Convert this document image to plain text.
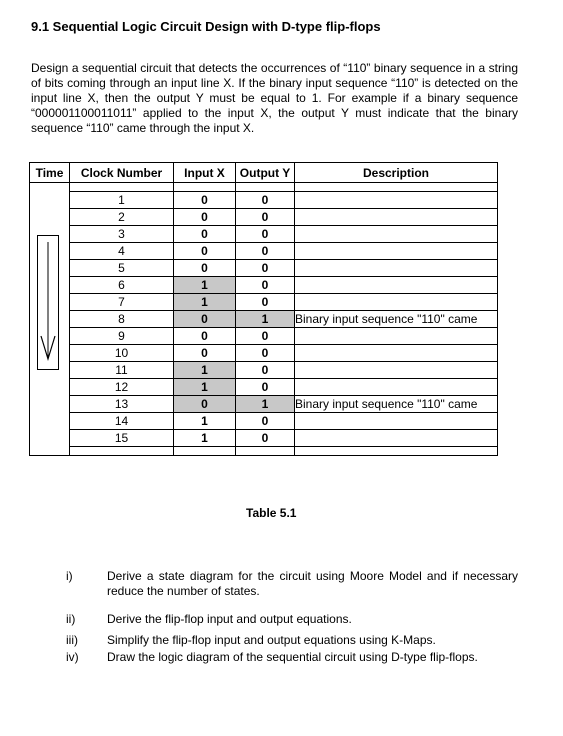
9.1 Sequential Logic Circuit Design with D-type flip-flops
Design a sequential circuit that detects the occurrences of “110” binary sequence in a string of bits coming through an input line X. If the binary input sequence “110” is detected on the input line X, then the output Y must be equal to 1. For example if a binary sequence “000001100011011” applied to the input X, the output Y must indicate that the binary sequence “110” came through the input X.
Time	Clock Number	Input X	Output Y	Description

	1	0	0	
	2	0	0	
	3	0	0	
	4	0	0	
	5	0	0	
	6	1	0	
	7	1	0	
	8	0	1	Binary input sequence "110" came
	9	0	0	
	10	0	0	
	11	1	0	
	12	1	0	
	13	0	1	Binary input sequence "110" came
	14	1	0	
	15	1	0	

Table 5.1
i)	Derive a state diagram for the circuit using Moore Model and if necessary reduce the number of states.
ii)	Derive the flip-flop input and output equations.
iii) Simplify the flip-flop input and output equations using K-Maps.
iv) Draw the logic diagram of the sequential circuit using D-type flip-flops.
